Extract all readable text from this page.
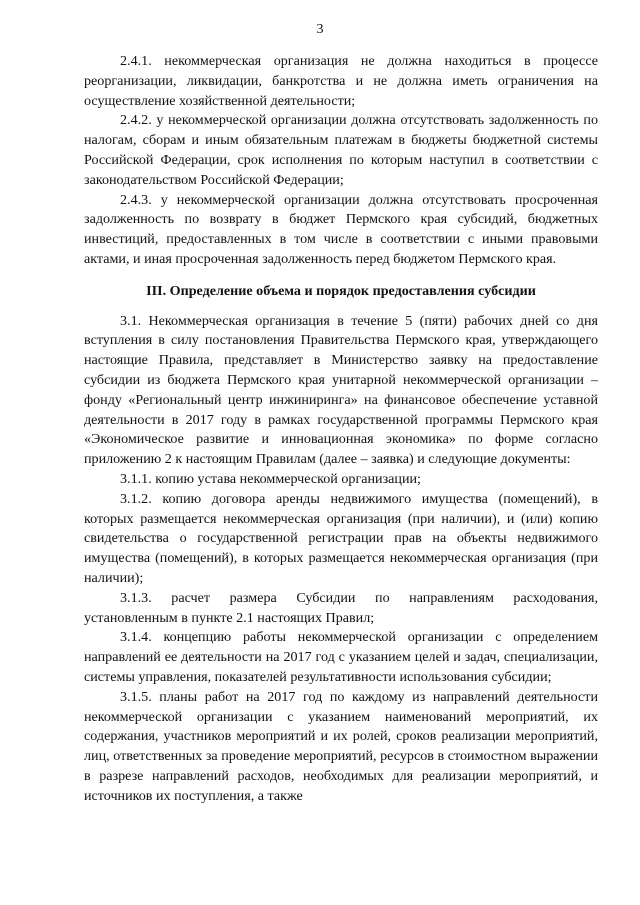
3

2.4.1. некоммерческая организация не должна находиться в процессе реорганизации, ликвидации, банкротства и не должна иметь ограничения на осуществление хозяйственной деятельности;

2.4.2. у некоммерческой организации должна отсутствовать задолженность по налогам, сборам и иным обязательным платежам в бюджеты бюджетной системы Российской Федерации, срок исполнения по которым наступил в соответствии с законодательством Российской Федерации;

2.4.3. у некоммерческой организации должна отсутствовать просроченная задолженность по возврату в бюджет Пермского края субсидий, бюджетных инвестиций, предоставленных в том числе в соответствии с иными правовыми актами, и иная просроченная задолженность перед бюджетом Пермского края.

III. Определение объема и порядок предоставления субсидии

3.1. Некоммерческая организация в течение 5 (пяти) рабочих дней со дня вступления в силу постановления Правительства Пермского края, утверждающего настоящие Правила, представляет в Министерство заявку на предоставление субсидии из бюджета Пермского края унитарной некоммерческой организации – фонду «Региональный центр инжиниринга» на финансовое обеспечение уставной деятельности в 2017 году в рамках государственной программы Пермского края «Экономическое развитие и инновационная экономика» по форме согласно приложению 2 к настоящим Правилам (далее – заявка) и следующие документы:

3.1.1. копию устава некоммерческой организации;

3.1.2. копию договора аренды недвижимого имущества (помещений), в которых размещается некоммерческая организация (при наличии), и (или) копию свидетельства о государственной регистрации прав на объекты недвижимого имущества (помещений), в которых размещается некоммерческая организация (при наличии);

3.1.3. расчет размера Субсидии по направлениям расходования, установленным в пункте 2.1 настоящих Правил;

3.1.4. концепцию работы некоммерческой организации с определением направлений ее деятельности на 2017 год с указанием целей и задач, специализации, системы управления, показателей результативности использования субсидии;

3.1.5. планы работ на 2017 год по каждому из направлений деятельности некоммерческой организации с указанием наименований мероприятий, их содержания, участников мероприятий и их ролей, сроков реализации мероприятий, лиц, ответственных за проведение мероприятий, ресурсов в стоимостном выражении в разрезе направлений расходов, необходимых для реализации мероприятий, и источников их поступления, а также
